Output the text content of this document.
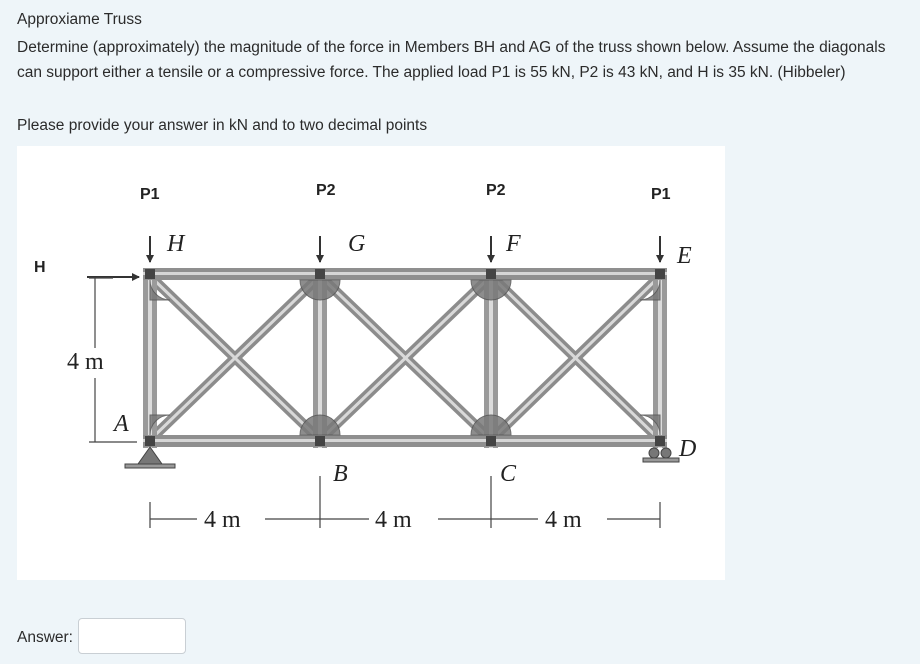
Approxiame Truss
Determine (approximately) the magnitude of the force in Members BH and AG of the truss shown below. Assume the diagonals can support either a tensile or a compressive force. The applied load P1 is 55 kN, P2 is 43 kN, and H is 35 kN. (Hibbeler)
Please provide your answer in kN and to two decimal points
P1	P2	P2	P1
H
H	G	F	E
A
B	C
D
4 m
4 m	4 m	4 m
Answer:
